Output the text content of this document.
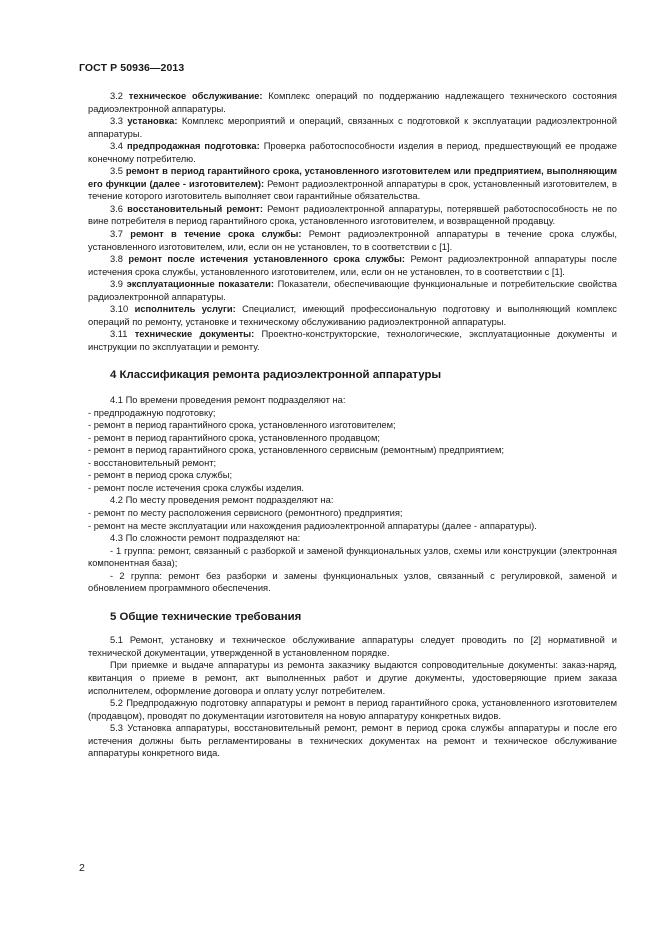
ГОСТ Р 50936—2013

3.2 техническое обслуживание: Комплекс операций по поддержанию надлежащего технического состояния радиоэлектронной аппаратуры.

3.3 установка: Комплекс мероприятий и операций, связанных с подготовкой к эксплуатации радиоэлектронной аппаратуры.

3.4 предпродажная подготовка: Проверка работоспособности изделия в период, предшествующий ее продаже конечному потребителю.

3.5 ремонт в период гарантийного срока, установленного изготовителем или предприятием, выполняющим его функции (далее - изготовителем): Ремонт радиоэлектронной аппаратуры в срок, установленный изготовителем, в течение которого изготовитель выполняет свои гарантийные обязательства.

3.6 восстановительный ремонт: Ремонт радиоэлектронной аппаратуры, потерявшей работоспособность не по вине потребителя в период гарантийного срока, установленного изготовителем, и возвращенной продавцу.

3.7 ремонт в течение срока службы: Ремонт радиоэлектронной аппаратуры в течение срока службы, установленного изготовителем, или, если он не установлен, то в соответствии с [1].

3.8 ремонт после истечения установленного срока службы: Ремонт радиоэлектронной аппаратуры после истечения срока службы, установленного изготовителем, или, если он не установлен, то в соответствии с [1].

3.9 эксплуатационные показатели: Показатели, обеспечивающие функциональные и потребительские свойства радиоэлектронной аппаратуры.

3.10 исполнитель услуги: Специалист, имеющий профессиональную подготовку и выполняющий комплекс операций по ремонту, установке и техническому обслуживанию радиоэлектронной аппаратуры.

3.11 технические документы: Проектно-конструкторские, технологические, эксплуатационные документы и инструкции по эксплуатации и ремонту.

4 Классификация ремонта радиоэлектронной аппаратуры

4.1 По времени проведения ремонт подразделяют на:

- предпродажную подготовку;

- ремонт в период гарантийного срока, установленного изготовителем;

- ремонт в период гарантийного срока, установленного продавцом;

- ремонт в период гарантийного срока, установленного сервисным (ремонтным) предприятием;

- восстановительный ремонт;

- ремонт в период срока службы;

- ремонт после истечения срока службы изделия.

4.2 По месту проведения ремонт подразделяют на:

- ремонт по месту расположения сервисного (ремонтного) предприятия;

- ремонт на месте эксплуатации или нахождения радиоэлектронной аппаратуры (далее - аппаратуры).

4.3 По сложности ремонт подразделяют на:

- 1 группа: ремонт, связанный с разборкой и заменой функциональных узлов, схемы или конструкции (электронная компонентная база);

- 2 группа: ремонт без разборки и замены функциональных узлов, связанный с регулировкой, заменой и обновлением программного обеспечения.

5 Общие технические требования

5.1 Ремонт, установку и техническое обслуживание аппаратуры следует проводить по [2] нормативной и технической документации, утвержденной в установленном порядке.

При приемке и выдаче аппаратуры из ремонта заказчику выдаются сопроводительные документы: заказ-наряд, квитанция о приеме в ремонт, акт выполненных работ и другие документы, удостоверяющие прием заказа исполнителем, оформление договора и оплату услуг потребителем.

5.2 Предпродажную подготовку аппаратуры и ремонт в период гарантийного срока, установленного изготовителем (продавцом), проводят по документации изготовителя на новую аппаратуру конкретных видов.

5.3 Установка аппаратуры, восстановительный ремонт, ремонт в период срока службы аппаратуры и после его истечения должны быть регламентированы в технических документах на ремонт и техническое обслуживание аппаратуры конкретного вида.

2
